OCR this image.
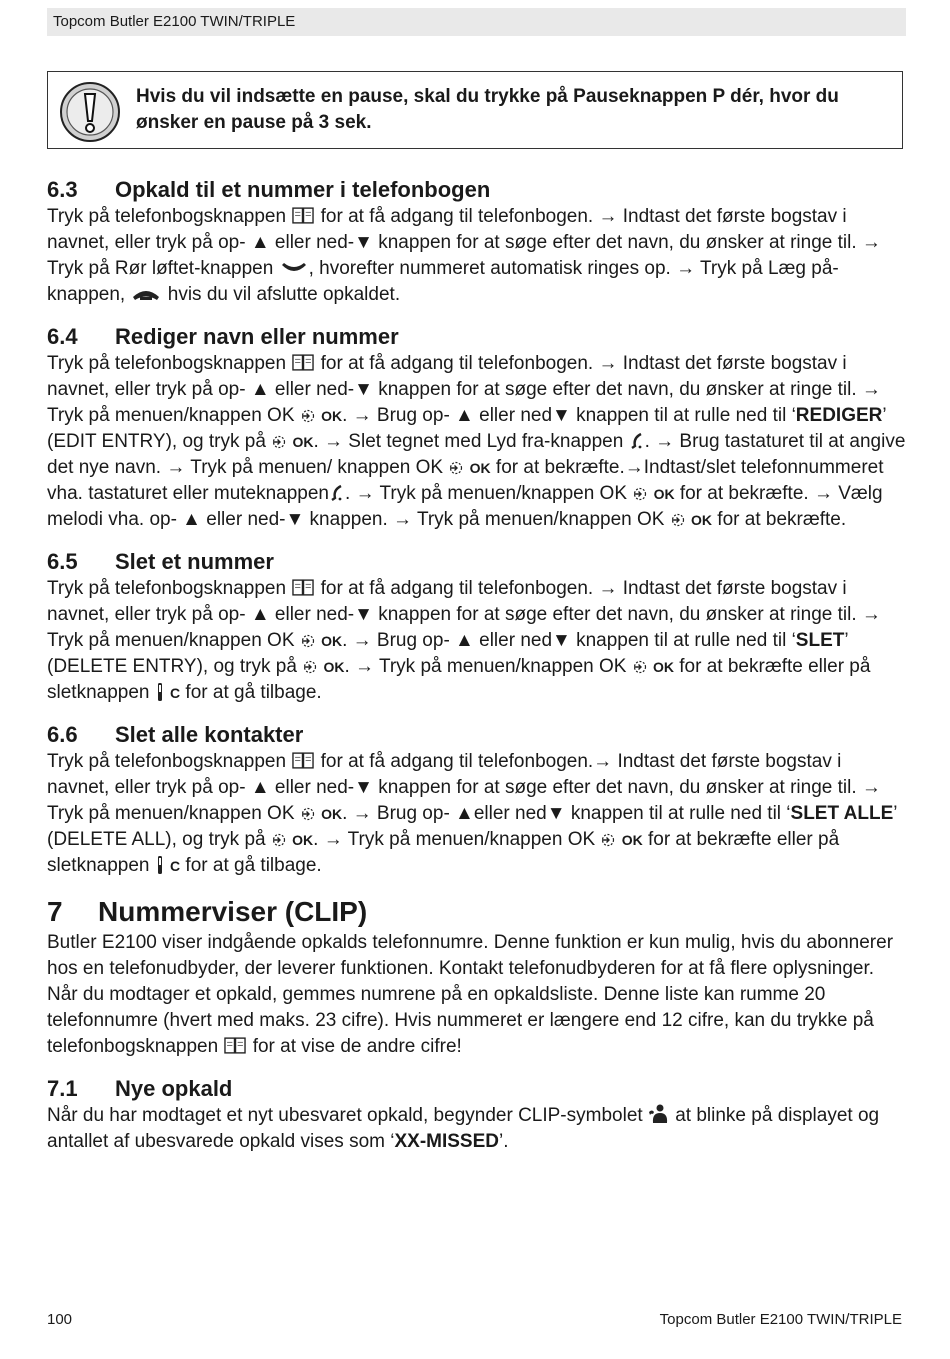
Topcom Butler E2100 TWIN/TRIPLE
Hvis du vil indsætte en pause, skal du trykke på Pauseknappen P dér, hvor du ønsker en pause på 3 sek.
6.3 Opkald til et nummer i telefonbogen

Tryk på telefonbogsknappen  for at få adgang til telefonbogen. → Indtast det første bogstav i navnet, eller tryk på op- ▲ eller ned-▼ knappen for at søge efter det navn, du ønsker at ringe til. → Tryk på Rør løftet-knappen , hvorefter nummeret automatisk ringes op. → Tryk på Læg på-knappen,  hvis du vil afslutte opkaldet.

6.4 Rediger navn eller nummer

Tryk på telefonbogsknappen  for at få adgang til telefonbogen. → Indtast det første bogstav i navnet, eller tryk på op- ▲ eller ned-▼ knappen for at søge efter det navn, du ønsker at ringe til. → Tryk på menuen/knappen OK  OK. → Brug op- ▲ eller ned▼ knappen til at rulle ned til ‘REDIGER’ (EDIT ENTRY), og tryk på  OK. → Slet tegnet med Lyd fra-knappen . → Brug tastaturet til at angive det nye navn. → Tryk på menuen/ knappen OK  OK for at bekræfte.→Indtast/slet telefonnummeret vha. tastaturet eller muteknappen . → Tryk på menuen/knappen OK  OK for at bekræfte. → Vælg melodi vha. op- ▲ eller ned-▼ knappen. → Tryk på menuen/knappen OK  OK for at bekræfte.

6.5 Slet et nummer

Tryk på telefonbogsknappen  for at få adgang til telefonbogen. → Indtast det første bogstav i navnet, eller tryk på op- ▲ eller ned-▼ knappen for at søge efter det navn, du ønsker at ringe til. → Tryk på menuen/knappen OK  OK. → Brug op- ▲ eller ned▼ knappen til at rulle ned til ‘SLET’ (DELETE ENTRY), og tryk på  OK. → Tryk på menuen/knappen OK  OK for at bekræfte eller på sletknappen  C for at gå tilbage.

6.6 Slet alle kontakter

Tryk på telefonbogsknappen  for at få adgang til telefonbogen.→ Indtast det første bogstav i navnet, eller tryk på op- ▲ eller ned-▼ knappen for at søge efter det navn, du ønsker at ringe til. → Tryk på menuen/knappen OK  OK. → Brug op- ▲eller ned▼ knappen til at rulle ned til ‘SLET ALLE’ (DELETE ALL), og tryk på  OK. → Tryk på menuen/knappen OK  OK for at bekræfte eller på sletknappen  C for at gå tilbage.

7 Nummerviser (CLIP)

Butler E2100 viser indgående opkalds telefonnumre. Denne funktion er kun mulig, hvis du abonnerer hos en telefonudbyder, der leverer funktionen. Kontakt telefonudbyderen for at få flere oplysninger. Når du modtager et opkald, gemmes numrene på en opkaldsliste. Denne liste kan rumme 20 telefonnumre (hvert med maks. 23 cifre). Hvis nummeret er længere end 12 cifre, kan du trykke på telefonbogsknappen  for at vise de andre cifre!

7.1 Nye opkald

Når du har modtaget et nyt ubesvaret opkald, begynder CLIP-symbolet  at blinke på displayet og antallet af ubesvarede opkald vises som ‘XX-MISSED’.

100	Topcom Butler E2100 TWIN/TRIPLE
